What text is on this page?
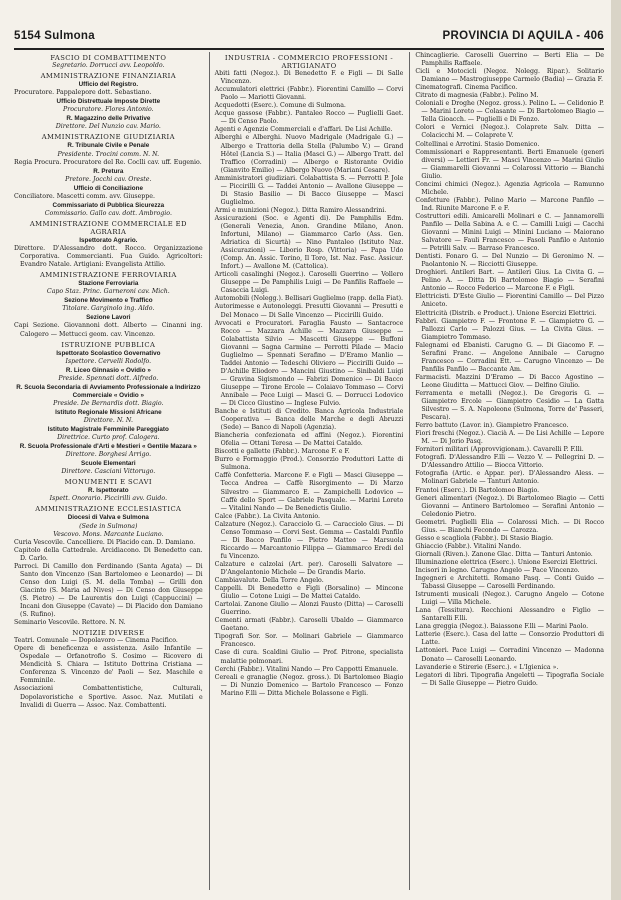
5154 Sulmona	PROVINCIA DI AQUILA - 406
FASCIO DI COMBATTIMENTO
Segretario. Dorrucci avv. Leopoldo.
AMMINISTRAZIONE FINANZIARIA
Ufficio del Registro.
Procuratore. Pappalepore dott. Sebastiano.
Ufficio Distrettuale Imposte Dirette
Procuratore. Flores Antonio.
R. Magazzino delle Privative
Direttore. Del Nunzio cav. Mario.
AMMINISTRAZIONE GIUDIZIARIA
R. Tribunale Civile e Penale
Presidente. Trocini comm. N. N.
Regia Procura. Procuratore del Re. Coclli cav. uff. Eugenio.
R. Pretura
Pretore. Jocchi cav. Oreste.
Ufficio di Conciliazione
Conciliatore. Mascetti comm. avv. Giuseppe.
Commissariato di Pubblica Sicurezza
Commissario. Gallo cav. dott. Ambrogio.
AMMINISTRAZIONE COMMERCIALE ED AGRARIA
Ispettorato Agrario.
Direttore. D'Alessandro dott. Rocco. Organizzazione Corporativa. Commercianti. Fua Guido. Agricoltori: Evandro Natale. Artigiani: Evangelista Attilio.
AMMINISTRAZIONE FERROVIARIA
Stazione Ferroviaria
Capo Staz. Princ. Garneroni cav. Mich.
Sezione Movimento e Traffico
Titolare. Garginolo ing. Aldo.
Sezione Lavori
Capi Sezione. Giovannoni dott. Alberto — Cinanni ing. Calogero — Mettucci geom. cav. Vincenzo.
ISTRUZIONE PUBBLICA
Ispettorato Scolastico Governativo
Ispettore. Cervelli Rodolfo.
R. Liceo Ginnasio « Ovidio »
Preside. Spennati dott. Alfredo.
R. Scuola Secondaria di Avviamento Professionale a Indirizzo Commerciale « Ovidio »
Preside. De Bernardis dott. Biagio.
Istituto Regionale Missioni Africane
Direttore. N. N.
Istituto Magistrale Femminile Pareggiato
Direttrice. Curto prof. Calogera.
R. Scuola Professionale d'Arti e Mestieri « Gentile Mazara »
Direttore. Borghesi Arrigo.
Scuole Elementari
Direttore. Casciani Vittorugo.
MONUMENTI E SCAVI
R. Ispettorato
Ispett. Onorario. Piccirilli avv. Guido.
AMMINISTRAZIONE ECCLESIASTICA
Diocesi di Valva e Sulmona
(Sede in Sulmona)
Vescovo. Mons. Marcante Luciano.
Curia Vescovile. Cancelliere. Di Placido can. D. Damiano.
Capitolo della Cattedrale. Arcidiacono. Di Benedetto can. D. Carlo.
Parroci. Di Camillo don Ferdinando (Santa Agata) — Di Santo don Vincenzo (San Bartolomeo e Leonardo) — Di Censo don Luigi (S. M. della Tomba) — Grilli don Giacinto (S. Maria ad Nives) — Di Censo don Giuseppe (S. Pietro) — De Laurentis don Luigi (Cappuccini) — Incani don Giuseppe (Cavate) — Di Placido don Damiano (S. Rufino).
Seminario Vescovile. Rettore. N. N.
NOTIZIE DIVERSE
Teatri. Comunale — Dopolavoro — Cinema Pacifico.
Opere di beneficenza e assistenza. Asilo Infantile — Ospedale — Orfanotrofio S. Cosimo — Ricovero di Mendicità S. Chiara — Istituto Dottrina Cristiana — Conferenza S. Vincenzo de' Paoli — Sez. Maschile e Femminile.
Associazioni Combattentistiche, Culturali, Dopolavoristiche e Sportive. Assoc. Naz. Mutilati e Invalidi di Guerra — Assoc. Naz. Combattenti.
INDUSTRIA - COMMERCIO PROFESSIONI - ARTIGIANATO
Abiti fatti (Negoz.). Di Benedetto F. e Figli — Di Salle Vincenzo.
Accumulatori elettrici (Fabbr.). Fiorentini Camillo — Corvi Paolo — Mariotti Giovanni.
Acquedotti (Eserc.). Comune di Sulmona.
Acque gassose (Fabbr.). Pantaleo Rocco — Puglielli Gaet. — Di Censo Paolo.
Agenti e Agenzie Commerciali e d'affari. De Lisi Achille.
Alberghi e Alberghi. Nuovo Madrigale (Madrigale G.) — Albergo e Trattoria della Stella (Palumbo V.) — Grand Hôtel (Lancia S.) — Italia (Masci G.) — Albergo Tratt. del Traffico (Corradini) — Albergo e Ristorante Ovidio (Gianvito Emilio) — Albergo Nuovo (Mariani Cesare).
Amministratori giudiziari. Colabattista S. — Perrotti P. Jole — Piccirilli G. — Taddei Antonio — Avallone Giuseppe — Di Stasio Basilio — Di Bacco Giuseppe — Masci Guglielmo.
Armi e munizioni (Negoz.). Ditta Ramiro Alessandrini.
Assicurazioni (Soc. e Agenti di). De Pamphilis Edm. (Generali Venezia, Anon. Grandine Milano, Anon. Infortuni, Milano) — Giammarco Carlo (Ass. Gen. Adriatica di Sicurtà) — Nino Pantaleo (Istituto Naz. Assicurazioni) — Liborio Rosp. (Vittoria) — Papa Udo (Comp. An. Assic. Torino, Il Toro, Ist. Naz. Fasc. Assicur. Infort.) — Avallone M. (Cattolica).
Articoli casalinghi (Negoz.). Caroselli Guerrino — Vollero Giuseppe — De Pamphilis Luigi — De Panfilis Raffaele — Casaccia Luigi.
Automobili (Nolegg.). Bellisari Guglielmo (rapp. della Fiat).
Autorimesse e Autonoleggi. Presutti Giovanni — Presutti e Del Monaco — Di Salle Vincenzo — Piccirilli Guido.
Avvocati e Procuratori. Faraglia Fausto — Santacroce Rocco — Mazzara Achille — Mazzara Giuseppe — Colabattista Silvio — Mascetti Giuseppe — Buffoni Giovanni — Sagna Carmine — Perrotti Pilade — Macio Guglielmo — Spennati Serafino — D'Eramo Manlio — Taddei Antonio — Tedeschi Oliviero — Piccirilli Guido — D'Achille Eliodoro — Mancini Giustino — Sinibaldi Luigi — Gravina Sigismondo — Fabrizi Domenico — Di Bacco Giuseppe — Tirone Ercole — Colaiavo Tommaso — Corvi Annibale — Pece Luigi — Masci G. — Dorrucci Lodovico — Di Cicco Giustino — Inglese Fulvio.
Banche e Istituti di Credito. Banca Agricola Industriale Cooperativa — Banca delle Marche e degli Abruzzi (Sede) — Banco di Napoli (Agenzia).
Biancheria confezionata ed affini (Negoz.). Fiorentini Ofelia — Ottani Teresa — De Mattei Cataldo.
Biscotti e gallette (Fabbr.). Marcone F. e F.
Burro e Formaggio (Prod.). Consorzio Produttori Latte di Sulmona.
Caffè Confetteria. Marcone F. e Figli — Masci Giuseppe — Tecca Andrea — Caffè Risorgimento — Di Marzo Silvestro — Giammarco E. — Zampichelli Lodovico — Caffè dello Sport — Gabriele Pasquale. — Marini Loreto — Vitalini Nando — De Benedictis Giulio.
Calce (Fabbr.). La Civita Antonio.
Calzature (Negoz.). Caracciolo G. — Caracciolo Gius. — Di Censo Tommaso — Corvi Sest. Gemma — Castaldi Panfilo — Di Bacco Panfilo — Pietro Matteo — Marsuola Riccardo — Marcantonio Filippa — Giammarco Eredi del fu Vincenzo.
Calzature e calzolai (Art. per). Caroselli Salvatore — D'Angelantonio Michele — De Grandis Mario.
Cambiavalute. Della Torre Angelo.
Cappelli. Di Benedetto e Figli (Borsalino) — Mincone Giulio — Cotone Luigi — De Mattei Cataldo.
Cartolai. Zanone Giulio — Alonzi Fausto (Ditta) — Caroselli Guerrino.
Cementi armati (Fabbr.). Caroselli Ubaldo — Giammarco Gaetano.
Tipografi Sor. Sor. — Molinari Gabriele — Giammarco Francesco.
Case di cura. Scaldini Giulio — Prof. Pitrone, specialista malattie polmonari.
Cerchi (Fabbr.). Vitalini Nando — Pro Cappotti Emanuele.
Cereali e granaglie (Negoz. gross.). Di Bartolomeo Biagio — Di Nunzio Domenico — Bartolo Francesco — Fonzo Marino F.lli — Ditta Michele Bolassone e Figli.
Chincaglierie. Caroselli Guerrino — Berti Elia — De Pamphilis Raffaele.
Cicli e Motocicli (Negoz. Nolegg. Ripar.). Solitario Damiano — Mastrogiuseppe Carmelo (Badia) — Grazia F.
Cinematografi. Cinema Pacifico.
Citrato di magnesia (Fabbr.). Pelino M.
Coloniali e Droghe (Negoz. gross.). Pelino L. — Celidonio P. — Marini Loreto — Colasante — Di Bartolomeo Biagio — Tella Gioacch. — Puglielli e Di Fonzo.
Colori e Vernici (Negoz.). Colaprete Salv. Ditta — Colacicchi M. — Colaprete V.
Coltellinai e Arrotini. Stasio Domenico.
Commissionari e Rappresentanti. Berti Emanuele (generi diversi) — Lettieri Fr. — Masci Vincenzo — Marini Giulio — Giammarelli Giovanni — Colarossi Vittorio — Bianchi Giulio.
Concimi chimici (Negoz.). Agenzia Agricola — Ramunno Michele.
Confetture (Fabbr.). Pelino Mario — Marcone Panfilo — Ind. Riunite Marcone F. e F.
Costruttori edili. Amicarelli Molinari e C. — Jannamorelli Panfilo — Della Sabina A. e C. — Camilli Luigi — Cacchi Giovanni — Minini Luigi — Minini Luciano — Maiorano Salvatore — Fauli Francesco — Fasoli Panfilo e Antonio — Petrilli Salv. — Barraso Francesco.
Dentisti. Fonaro G. — Del Nunzio — Di Geronimo N. — Paolantonio N. — Ricciotti Giuseppe.
Droghieri. Antileri Bart. — Antileri Gius. La Civita G. — Pelino A. — Ditta Di Bartolomeo Biagio — Serafini Antonio — Rocco Federico — Marcone F. e Figli.
Elettricisti. D'Este Giulio — Fiorentini Camillo — Del Pizzo Aniceto.
Elettricità (Distrib. e Product.). Unione Esercizi Elettrici.
Fabbri. Giampietro F. — Frontone F. — Giampietro G. — Pallozzi Carlo — Palozzi Gius. — La Civita Gius. — Giampietro Tommaso.
Falegnami ed Ebanisti. Carugno G. — Di Giacomo F. — Serafini Franc. — Angelone Annibale — Carugno Francesco — Corradini Ett. — Carugno Vincenzo — De Panfilis Panfilo — Baccante Am.
Farmacisti. Mazzini D'Eramo — Di Bacco Agostino — Leone Giuditta — Mattucci Giov. — Delfino Giulio.
Ferramenta e metalli (Negoz.). De Gregoris G. — Giampietro Ercole — Giampietro Cesidio — La Gatta Silvestro — S. A. Napoleone (Sulmona, Torre de' Passeri, Pescara).
Ferro battuto (Lavor. in). Giampietro Francesco.
Fiori freschi (Negoz.). Ciacià A. — De Lisi Achille — Lepore M. — Di Jorio Pasq.
Fornitori militari (Approvvigionam.). Cavarelli P. F.lli.
Fotografi. D'Alessandro F.lli — Vezzo V. — Pellegrini D. — D'Alessandro Attilio — Biocca Vittorio.
Fotografia (Artic. e Appar. per). D'Alessandro Aless. — Molinari Gabriele — Tanturi Antonio.
Frantoi (Eserc.). Di Bartolomeo Biagio.
Generi alimentari (Negoz.). Di Bartolomeo Biagio — Cetti Giovanni — Antinero Bartolomeo — Serafini Antonio — Celedonio Pietro.
Geometri. Puglielli Elia — Colarossi Mich. — Di Rocco Gius. — Bianchi Fecondo — Carozza.
Gesso e scagliola (Fabbr.). Di Stasio Biagio.
Ghiaccio (Fabbr.). Vitalini Nando.
Giornali (Riven.). Zanone Glac. Ditta — Tanturi Antonio.
Illuminazione elettrica (Eserc.). Unione Esercizi Elettrici.
Incisori in legno. Carugno Angelo — Pace Vincenzo.
Ingegneri e Architetti. Romano Pasq. — Conti Guido — Tabassi Giuseppe — Caroselli Ferdinando.
Istrumenti musicali (Negoz.). Carugno Angelo — Cotone Luigi — Villa Michele.
Lana (Tessitura). Recchioni Alessandro e Figlio — Santarelli F.lli.
Lana greggia (Negoz.). Baiassone F.lli — Marini Paolo.
Latterie (Eserc.). Casa del latte — Consorzio Produttori di Latte.
Lattonieri. Pace Luigi — Corradini Vincenzo — Madonna Donato — Caroselli Leonardo.
Lavanderie e Stirerie (Eserc.). « L'Igienica ».
Legatori di libri. Tipografia Angeletti — Tipografia Sociale — Di Salle Giuseppe — Pietro Guido.
